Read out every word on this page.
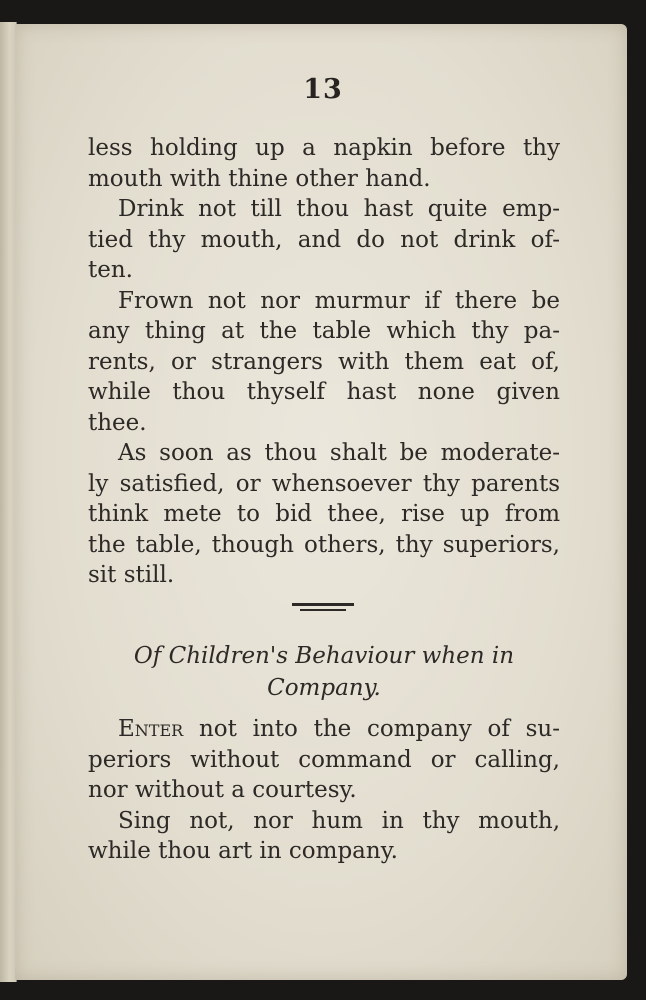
13
less holding up a napkin before thy
mouth with thine other hand.
Drink not till thou hast quite emp-
tied thy mouth, and do not drink of-
ten.
Frown not nor murmur if there be
any thing at the table which thy pa-
rents, or strangers with them eat of,
while thou thyself hast none given
thee.
As soon as thou shalt be moderate-
ly satisfied, or whensoever thy parents
think mete to bid thee, rise up from
the table, though others, thy superiors,
sit still.
Of Children's Behaviour when in
Company.
Enter not into the company of su-
periors without command or calling,
nor without a courtesy.
Sing not, nor hum in thy mouth,
while thou art in company.
